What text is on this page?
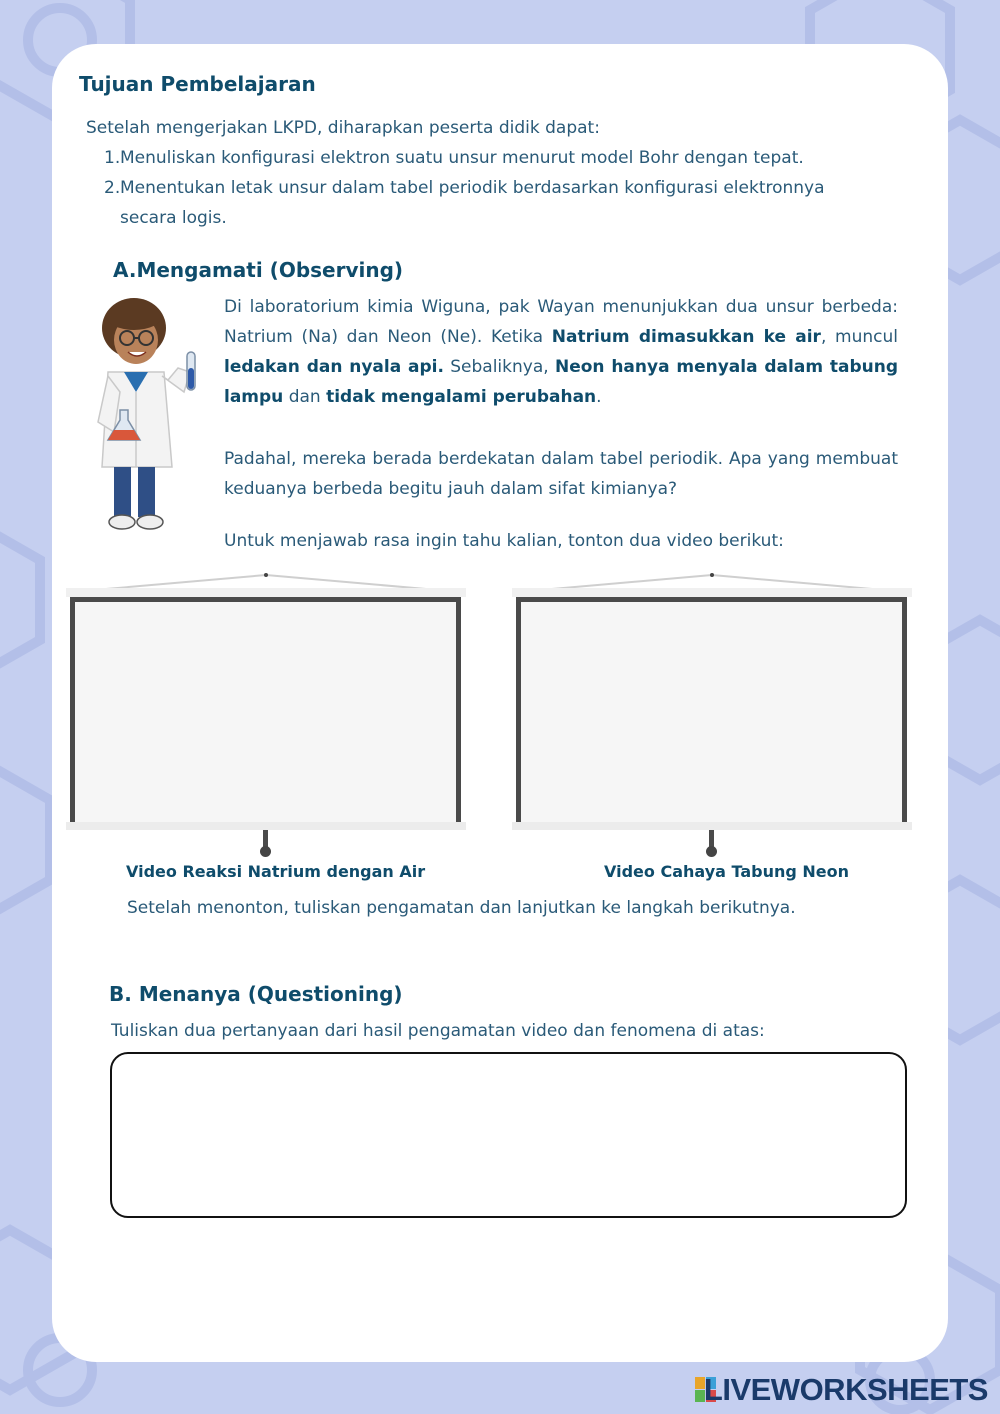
Tujuan Pembelajaran
Setelah mengerjakan LKPD, diharapkan peserta didik dapat:
1. Menuliskan konfigurasi elektron suatu unsur menurut model Bohr dengan tepat.
2. Menentukan letak unsur dalam tabel periodik berdasarkan konfigurasi elektronnya
secara logis.
A.Mengamati (Observing)
Di laboratorium kimia Wiguna, pak Wayan menunjukkan dua unsur berbeda: Natrium (Na) dan Neon (Ne). Ketika Natrium dimasukkan ke air, muncul ledakan dan nyala api. Sebaliknya, Neon hanya menyala dalam tabung lampu dan tidak mengalami perubahan.
Padahal, mereka berada berdekatan dalam tabel periodik. Apa yang membuat keduanya berbeda begitu jauh dalam sifat kimianya?
Untuk menjawab rasa ingin tahu kalian, tonton dua video berikut:
Video Reaksi Natrium dengan Air	Video Cahaya Tabung Neon
Setelah menonton, tuliskan pengamatan dan lanjutkan ke langkah berikutnya.
B. Menanya (Questioning)
Tuliskan dua pertanyaan dari hasil pengamatan video dan fenomena di atas:
LIVEWORKSHEETS
